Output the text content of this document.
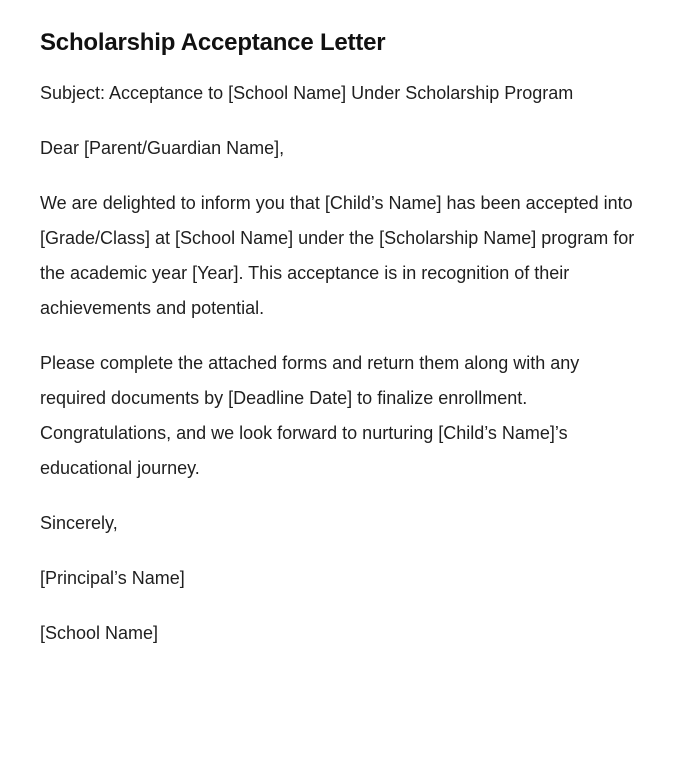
Scholarship Acceptance Letter

Subject: Acceptance to [School Name] Under Scholarship Program

Dear [Parent/Guardian Name],

We are delighted to inform you that [Child’s Name] has been accepted into [Grade/Class] at [School Name] under the [Scholarship Name] program for the academic year [Year]. This acceptance is in recognition of their achievements and potential.

Please complete the attached forms and return them along with any required documents by [Deadline Date] to finalize enrollment. Congratulations, and we look forward to nurturing [Child’s Name]’s educational journey.

Sincerely,

[Principal’s Name]

[School Name]
